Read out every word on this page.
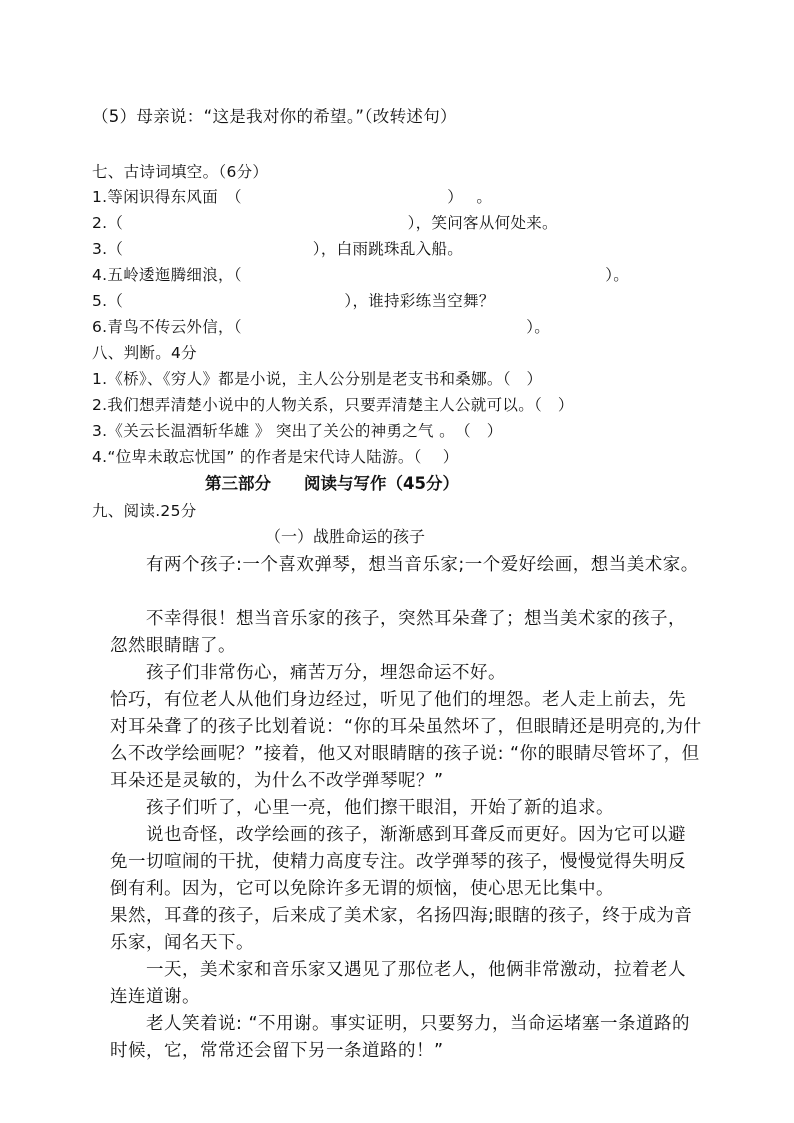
（5）母亲说：“这是我对你的希望。”（改转述句）
七、古诗词填空。（6分）
1.等闲识得东风面　（　　　　　　　　　　　　　）　 。
2.（　　　　　　　　　　　　　　　　　　），笑问客从何处来。
3.（　　　　　　　　　　　　），白雨跳珠乱入船。
4.五岭逶迤腾细浪，（　　　　　　　　　　　　　　　　　　　　　　　）。
5.（　　　　　　　　　　　　　　），谁持彩练当空舞？
6.青鸟不传云外信，（　　　　　　　　　　　　　　　　　　）。
八、判断。4分
1.《桥》、《穷人》都是小说，主人公分别是老支书和桑娜。（　）
2.我们想弄清楚小说中的人物关系，只要弄清楚主人公就可以。（　）
3.《关云长温酒斩华雄 》 突出了关公的神勇之气 。　（　）
4.“位卑未敢忘忧国” 的作者是宋代诗人陆游。（　 ）
第三部分　　阅读与写作（45分）
九、阅读.25分
（一）战胜命运的孩子
　　有两个孩子:一个喜欢弹琴，想当音乐家;一个爱好绘画，想当美术家。
　　不幸得很！想当音乐家的孩子，突然耳朵聋了；想当美术家的孩子，忽然眼睛瞎了。
　　孩子们非常伤心，痛苦万分，埋怨命运不好。
恰巧，有位老人从他们身边经过，听见了他们的埋怨。老人走上前去，先对耳朵聋了的孩子比划着说：“你的耳朵虽然坏了，但眼睛还是明亮的,为什么不改学绘画呢？”接着，他又对眼睛瞎的孩子说: “你的眼睛尽管坏了，但耳朵还是灵敏的，为什么不改学弹琴呢？”
　　孩子们听了，心里一亮，他们擦干眼泪，开始了新的追求。
　　说也奇怪，改学绘画的孩子，渐渐感到耳聋反而更好。因为它可以避免一切喧闹的干扰，使精力高度专注。改学弹琴的孩子，慢慢觉得失明反倒有利。因为，它可以免除许多无谓的烦恼，使心思无比集中。
果然，耳聋的孩子，后来成了美术家，名扬四海;眼瞎的孩子，终于成为音乐家，闻名天下。
　　一天，美术家和音乐家又遇见了那位老人，他俩非常激动，拉着老人连连道谢。
　　老人笑着说: “不用谢。事实证明，只要努力，当命运堵塞一条道路的时候，它，常常还会留下另一条道路的！”
